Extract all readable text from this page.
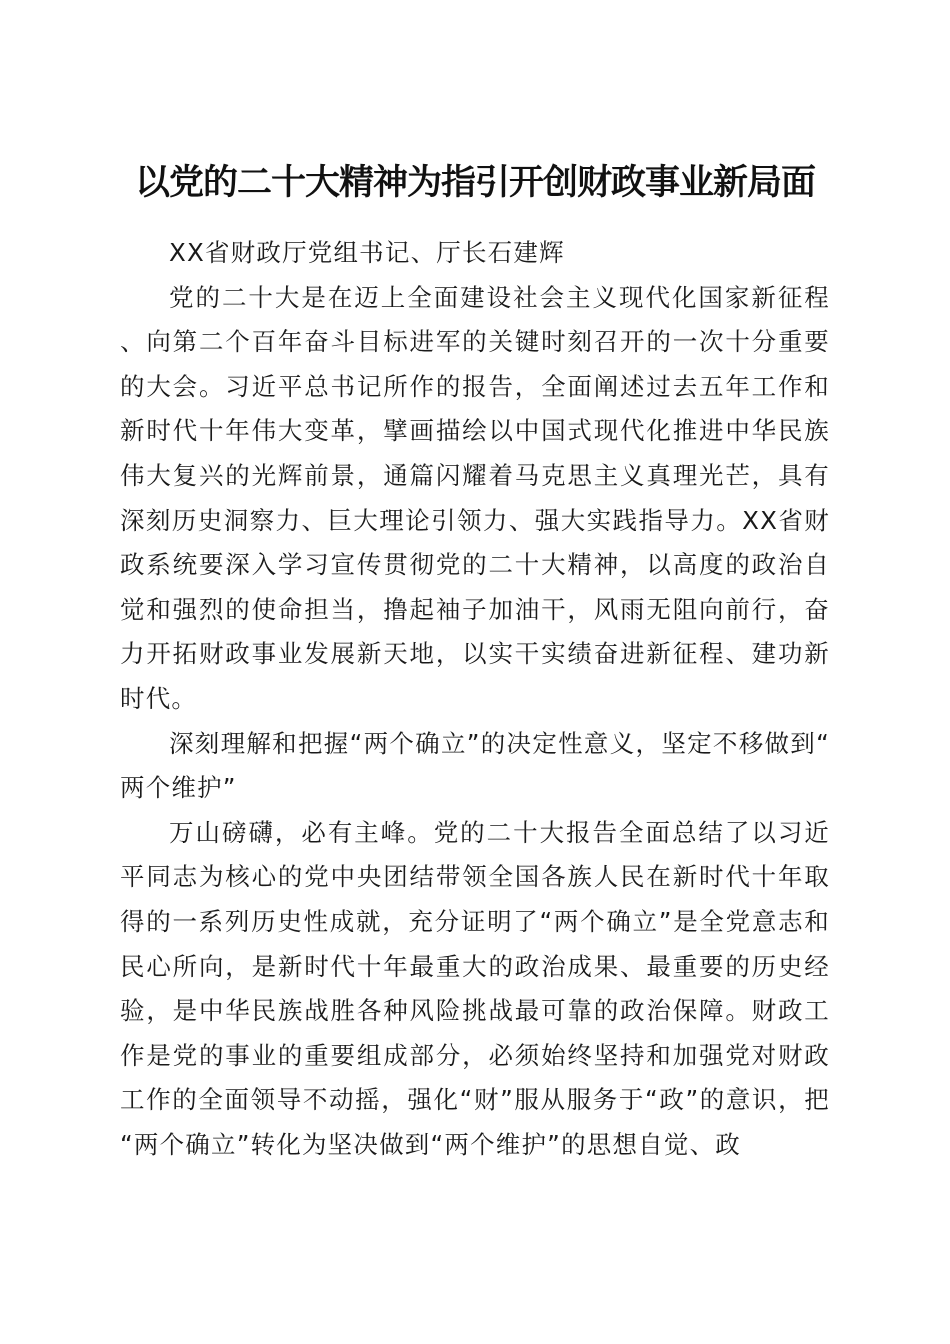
以党的二十大精神为指引开创财政事业新局面

XX省财政厅党组书记、厅长石建辉

党的二十大是在迈上全面建设社会主义现代化国家新征程、向第二个百年奋斗目标进军的关键时刻召开的一次十分重要的大会。习近平总书记所作的报告，全面阐述过去五年工作和新时代十年伟大变革，擘画描绘以中国式现代化推进中华民族伟大复兴的光辉前景，通篇闪耀着马克思主义真理光芒，具有深刻历史洞察力、巨大理论引领力、强大实践指导力。XX省财政系统要深入学习宣传贯彻党的二十大精神，以高度的政治自觉和强烈的使命担当，撸起袖子加油干，风雨无阻向前行，奋力开拓财政事业发展新天地，以实干实绩奋进新征程、建功新时代。

深刻理解和把握“两个确立”的决定性意义，坚定不移做到“两个维护”

万山磅礴，必有主峰。党的二十大报告全面总结了以习近平同志为核心的党中央团结带领全国各族人民在新时代十年取得的一系列历史性成就，充分证明了“两个确立”是全党意志和民心所向，是新时代十年最重大的政治成果、最重要的历史经验，是中华民族战胜各种风险挑战最可靠的政治保障。财政工作是党的事业的重要组成部分，必须始终坚持和加强党对财政工作的全面领导不动摇，强化“财”服从服务于“政”的意识，把“两个确立”转化为坚决做到“两个维护”的思想自觉、政
